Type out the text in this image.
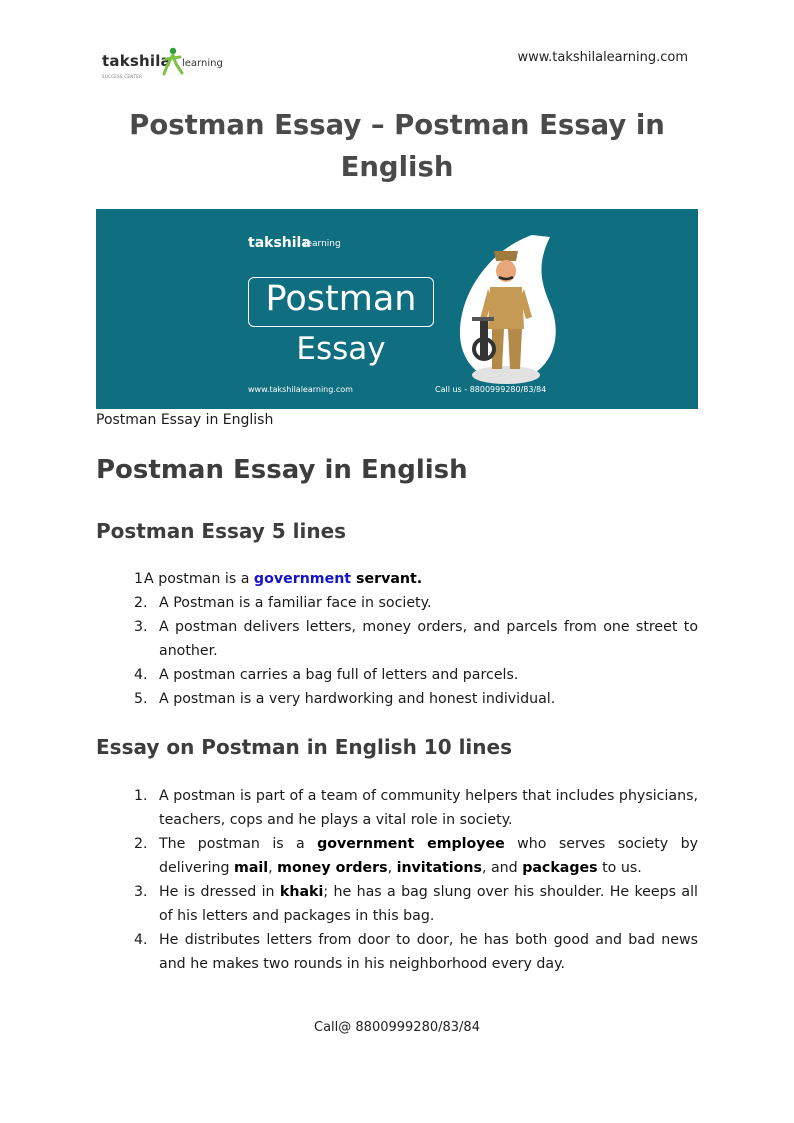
takshila learning
SUCCESS CENTER
www.takshilalearning.com
Postman Essay – Postman Essay in English
takshila
learning
Postman
Essay
www.takshilalearning.com	Call us - 8800999280/83/84
Postman Essay in English
Postman Essay in English
Postman Essay 5 lines
1.
A postman is a government servant.
2. A Postman is a familiar face in society.
3. A postman delivers letters, money orders, and parcels from one street to another.
4. A postman carries a bag full of letters and parcels.
5. A postman is a very hardworking and honest individual.
Essay on Postman in English 10 lines
1. A postman is part of a team of community helpers that includes physicians, teachers, cops and he plays a vital role in society.
2. The postman is a government employee who serves society by delivering mail, money orders, invitations, and packages to us.
3. He is dressed in khaki; he has a bag slung over his shoulder. He keeps all of his letters and packages in this bag.
4. He distributes letters from door to door, he has both good and bad news and he makes two rounds in his neighborhood every day.
Call@ 8800999280/83/84
